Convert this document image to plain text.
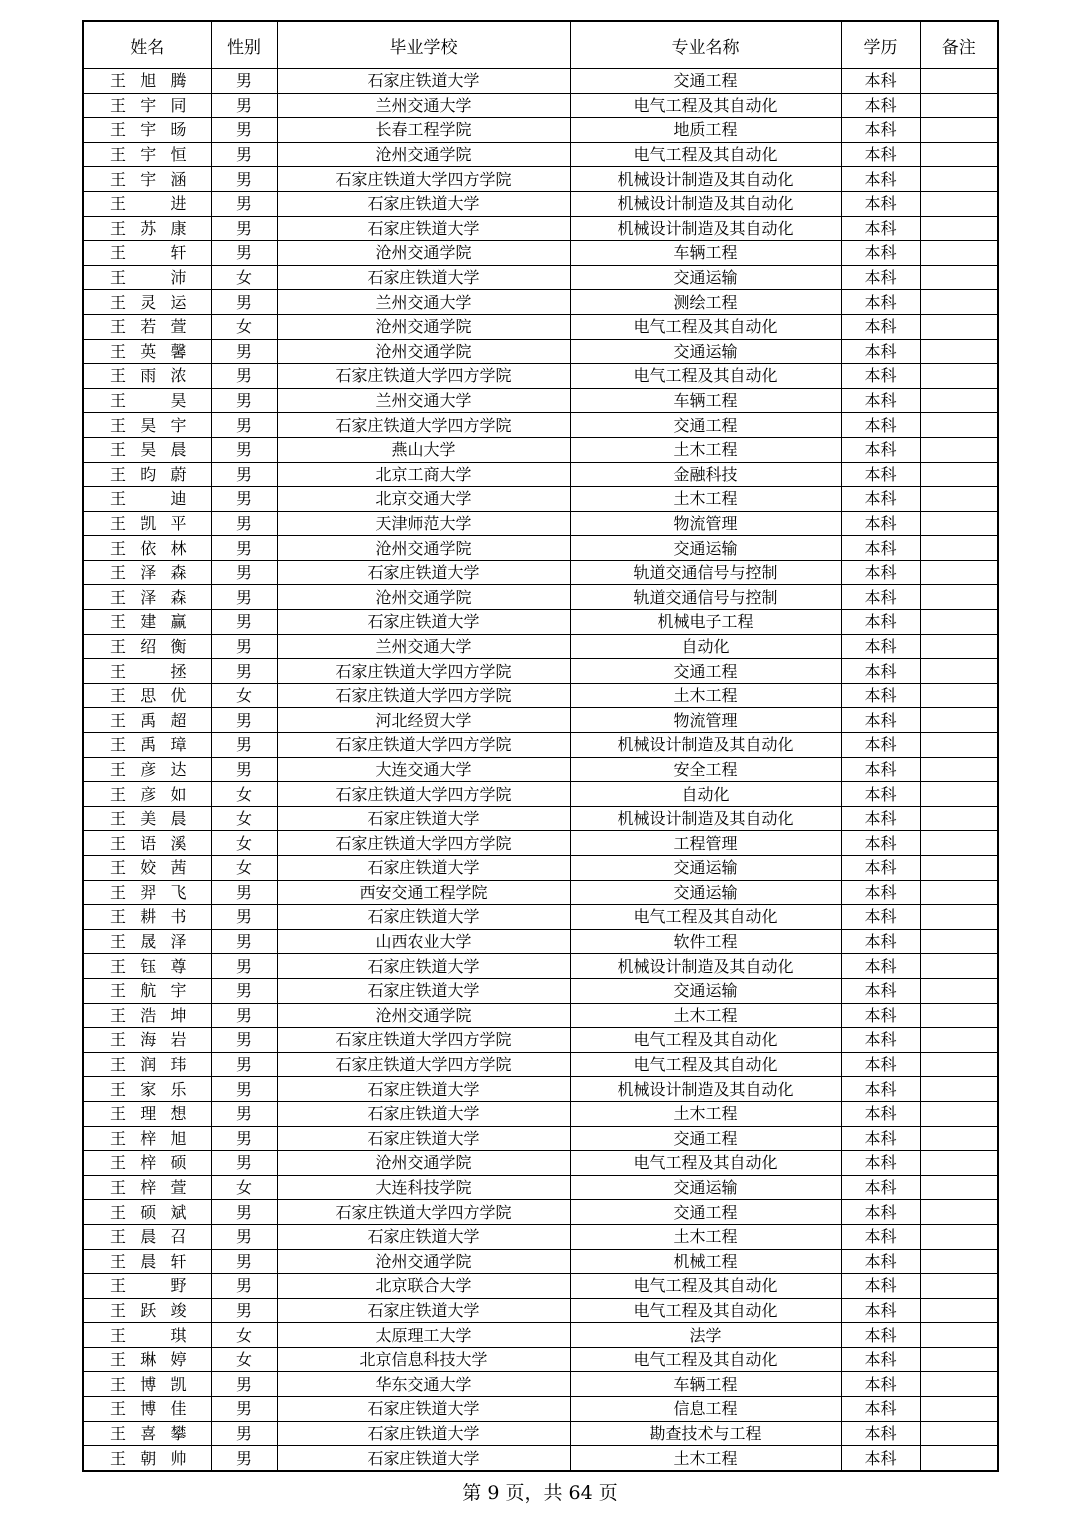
姓名	性别	毕业学校	专业名称	学历	备注

王 旭 腾	男	石家庄铁道大学	交通工程	本科	

王 宇 同	男	兰州交通大学	电气工程及其自动化	本科	

王 宇 旸	男	长春工程学院	地质工程	本科	

王 宇 恒	男	沧州交通学院	电气工程及其自动化	本科	

王 宇 涵	男	石家庄铁道大学四方学院	机械设计制造及其自动化	本科	

王 进	男	石家庄铁道大学	机械设计制造及其自动化	本科	

王 苏 康	男	石家庄铁道大学	机械设计制造及其自动化	本科	

王 轩	男	沧州交通学院	车辆工程	本科	

王 沛	女	石家庄铁道大学	交通运输	本科	

王 灵 运	男	兰州交通大学	测绘工程	本科	

王 若 萱	女	沧州交通学院	电气工程及其自动化	本科	

王 英 馨	男	沧州交通学院	交通运输	本科	

王 雨 浓	男	石家庄铁道大学四方学院	电气工程及其自动化	本科	

王 昊	男	兰州交通大学	车辆工程	本科	

王 昊 宇	男	石家庄铁道大学四方学院	交通工程	本科	

王 昊 晨	男	燕山大学	土木工程	本科	

王 昀 蔚	男	北京工商大学	金融科技	本科	

王 迪	男	北京交通大学	土木工程	本科	

王 凯 平	男	天津师范大学	物流管理	本科	

王 依 林	男	沧州交通学院	交通运输	本科	

王 泽 森	男	石家庄铁道大学	轨道交通信号与控制	本科	

王 泽 森	男	沧州交通学院	轨道交通信号与控制	本科	

王 建 赢	男	石家庄铁道大学	机械电子工程	本科	

王 绍 衡	男	兰州交通大学	自动化	本科	

王 拯	男	石家庄铁道大学四方学院	交通工程	本科	

王 思 优	女	石家庄铁道大学四方学院	土木工程	本科	

王 禹 超	男	河北经贸大学	物流管理	本科	

王 禹 璋	男	石家庄铁道大学四方学院	机械设计制造及其自动化	本科	

王 彦 达	男	大连交通大学	安全工程	本科	

王 彦 如	女	石家庄铁道大学四方学院	自动化	本科	

王 美 晨	女	石家庄铁道大学	机械设计制造及其自动化	本科	

王 语 溪	女	石家庄铁道大学四方学院	工程管理	本科	

王 姣 茜	女	石家庄铁道大学	交通运输	本科	

王 羿 飞	男	西安交通工程学院	交通运输	本科	

王 耕 书	男	石家庄铁道大学	电气工程及其自动化	本科	

王 晟 泽	男	山西农业大学	软件工程	本科	

王 钰 尊	男	石家庄铁道大学	机械设计制造及其自动化	本科	

王 航 宇	男	石家庄铁道大学	交通运输	本科	

王 浩 坤	男	沧州交通学院	土木工程	本科	

王 海 岩	男	石家庄铁道大学四方学院	电气工程及其自动化	本科	

王 润 玮	男	石家庄铁道大学四方学院	电气工程及其自动化	本科	

王 家 乐	男	石家庄铁道大学	机械设计制造及其自动化	本科	

王 理 想	男	石家庄铁道大学	土木工程	本科	

王 梓 旭	男	石家庄铁道大学	交通工程	本科	

王 梓 硕	男	沧州交通学院	电气工程及其自动化	本科	

王 梓 萱	女	大连科技学院	交通运输	本科	

王 硕 斌	男	石家庄铁道大学四方学院	交通工程	本科	

王 晨 召	男	石家庄铁道大学	土木工程	本科	

王 晨 轩	男	沧州交通学院	机械工程	本科	

王 野	男	北京联合大学	电气工程及其自动化	本科	

王 跃 竣	男	石家庄铁道大学	电气工程及其自动化	本科	

王 琪	女	太原理工大学	法学	本科	

王 琳 婷	女	北京信息科技大学	电气工程及其自动化	本科	

王 博 凯	男	华东交通大学	车辆工程	本科	

王 博 佳	男	石家庄铁道大学	信息工程	本科	

王 喜 攀	男	石家庄铁道大学	勘查技术与工程	本科	

王 朝 帅	男	石家庄铁道大学	土木工程	本科	
第 9 页，共 64 页
